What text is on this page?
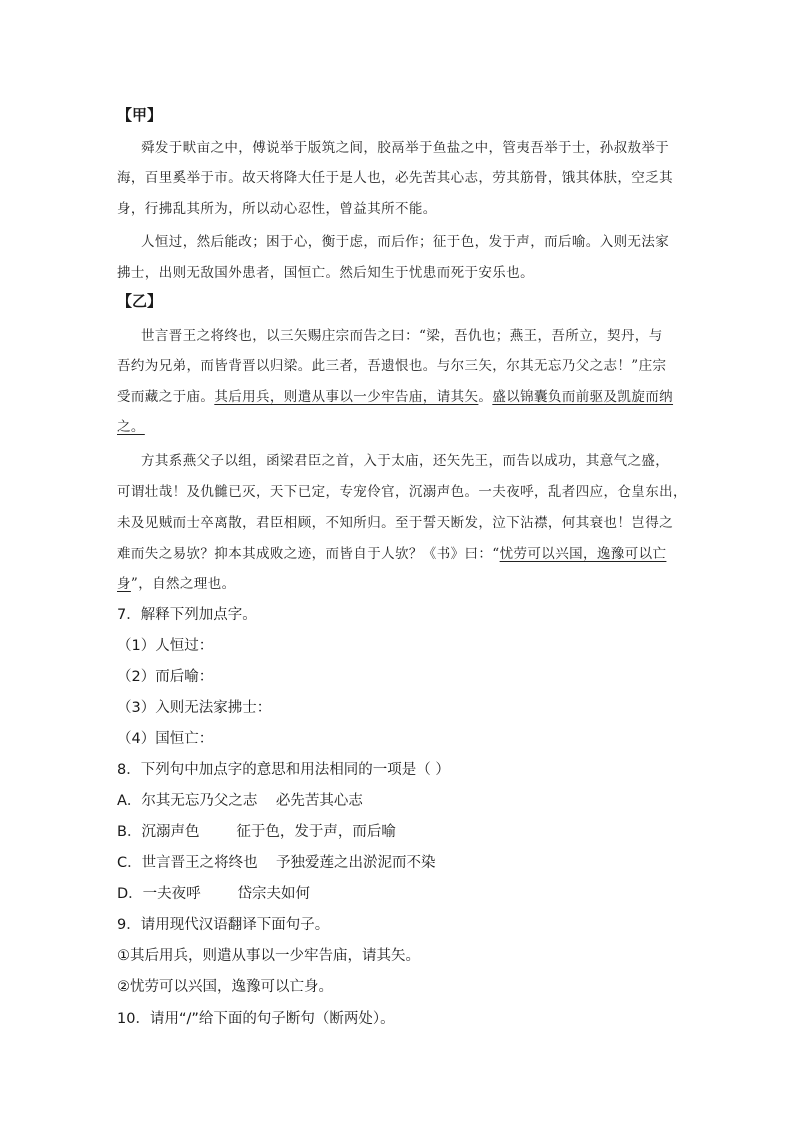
【甲】
舜发于畎亩之中，傅说举于版筑之间，胶鬲举于鱼盐之中，管夷吾举于士，孙叔敖举于
海，百里奚举于市。故天将降大任于是人也，必先苦其心志，劳其筋骨，饿其体肤，空乏其
身，行拂乱其所为，所以动心忍性，曾益其所不能。
人恒过，然后能改；困于心，衡于虑，而后作；征于色，发于声，而后喻。入则无法家
拂士，出则无敌国外患者，国恒亡。然后知生于忧患而死于安乐也。
【乙】
世言晋王之将终也，以三矢赐庄宗而告之曰：“梁，吾仇也；燕王，吾所立，契丹，与
吾约为兄弟，而皆背晋以归梁。此三者，吾遗恨也。与尔三矢，尔其无忘乃父之志！”庄宗
受而藏之于庙。其后用兵，则遣从事以一少牢告庙，请其矢。盛以锦囊负而前驱及凯旋而纳
之。
方其系燕父子以组，函梁君臣之首，入于太庙，还矢先王，而告以成功，其意气之盛，
可谓壮哉！及仇雠已灭，天下已定，专宠伶官，沉溺声色。一夫夜呼，乱者四应，仓皇东出，
未及见贼而士卒离散，君臣相顾，不知所归。至于誓天断发，泣下沾襟，何其衰也！岂得之
难而失之易欤？抑本其成败之迹，而皆自于人欤？《书》曰：“忧劳可以兴国，逸豫可以亡
身”，自然之理也。
7．解释下列加点字。
（1）人恒过：
（2）而后喻：
（3）入则无法家拂士：
（4）国恒亡：
8．下列句中加点字的意思和用法相同的一项是（ ）
A．尔其无忘乃父之志    必先苦其心志
B．沉溺声色        征于色，发于声，而后喻
C．世言晋王之将终也    予独爱莲之出淤泥而不染
D．一夫夜呼        岱宗夫如何
9．请用现代汉语翻译下面句子。
①其后用兵，则遣从事以一少牢告庙，请其矢。
②忧劳可以兴国，逸豫可以亡身。
10．请用“/”给下面的句子断句（断两处）。
